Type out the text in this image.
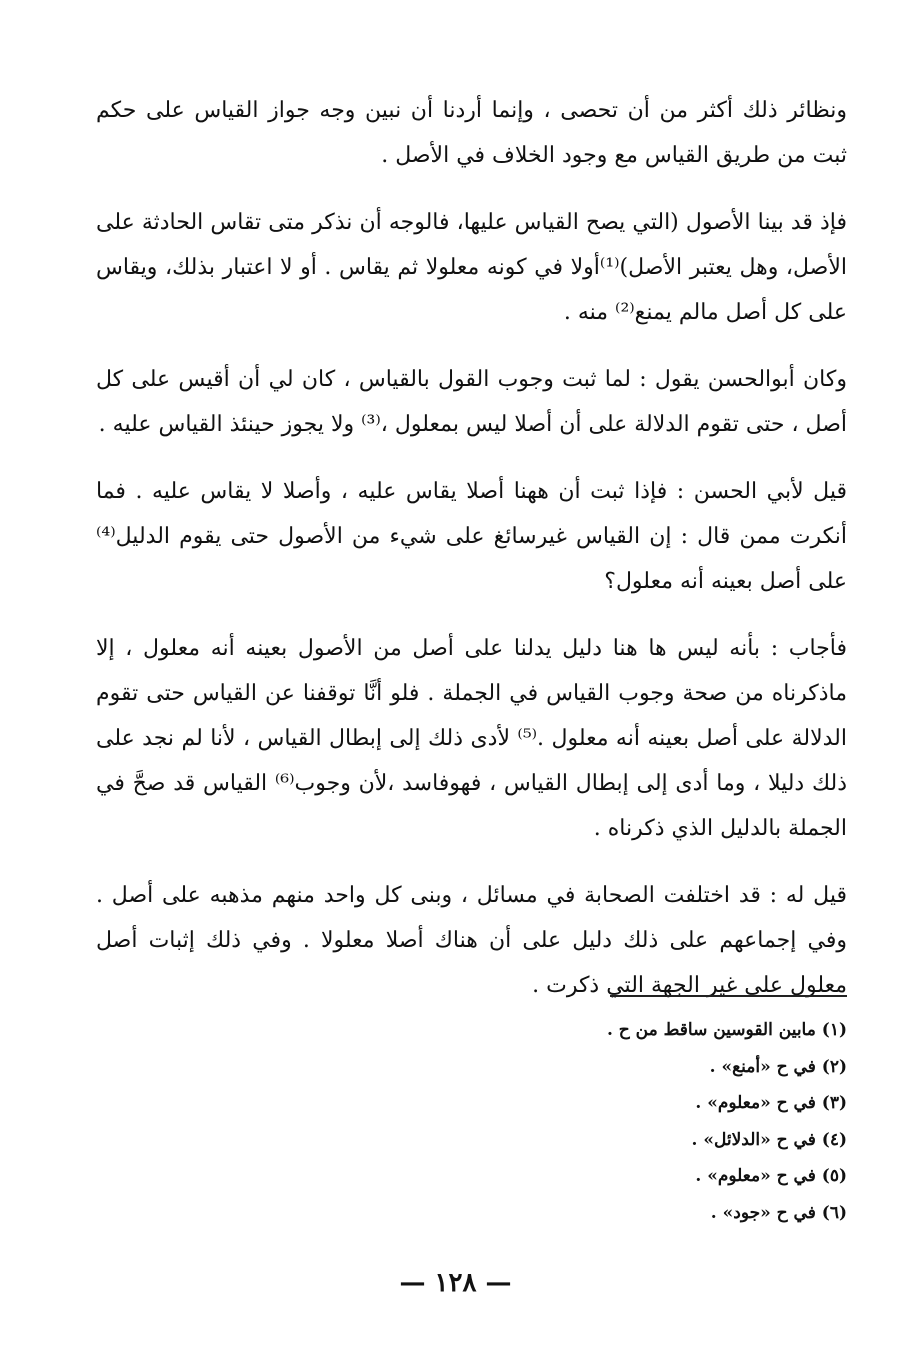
ونظائر ذلك أكثر من أن تحصى ، وإنما أردنا أن نبين وجه جواز القياس على حكم ثبت من طريق القياس مع وجود الخلاف في الأصل .

فإذ قد بينا الأصول (التي يصح القياس عليها، فالوجه أن نذكر متى تقاس الحادثة على الأصل، وهل يعتبر الأصل)⁽¹⁾أولا في كونه معلولا ثم يقاس . أو لا اعتبار بذلك، ويقاس على كل أصل مالم يمنع⁽²⁾ منه .

وكان أبوالحسن يقول : لما ثبت وجوب القول بالقياس ، كان لي أن أقيس على كل أصل ، حتى تقوم الدلالة على أن أصلا ليس بمعلول ،⁽³⁾ ولا يجوز حينئذ القياس عليه .

قيل لأبي الحسن : فإذا ثبت أن ههنا أصلا يقاس عليه ، وأصلا لا يقاس عليه . فما أنكرت ممن قال : إن القياس غيرسائغ على شيء من الأصول حتى يقوم الدليل⁽⁴⁾ على أصل بعينه أنه معلول؟

فأجاب : بأنه ليس ها هنا دليل يدلنا على أصل من الأصول بعينه أنه معلول ، إلا ماذكرناه من صحة وجوب القياس في الجملة . فلو أنَّا توقفنا عن القياس حتى تقوم الدلالة على أصل بعينه أنه معلول .⁽⁵⁾ لأدى ذلك إلى إبطال القياس ، لأنا لم نجد على ذلك دليلا ، وما أدى إلى إبطال القياس ، فهوفاسد ،لأن وجوب⁽⁶⁾ القياس قد صحَّ في الجملة بالدليل الذي ذكرناه .

قيل له : قد اختلفت الصحابة في مسائل ، وبنى كل واحد منهم مذهبه على أصل . وفي إجماعهم على ذلك دليل على أن هناك أصلا معلولا . وفي ذلك إثبات أصل معلول على غير الجهة التي ذكرت .

(١) مابين القوسين ساقط من ح .
(٢) في ح «أمنع» .
(٣) في ح «معلوم» .
(٤) في ح «الدلائل» .
(٥) في ح «معلوم» .
(٦) في ح «جود» .
— ١٢٨ —
